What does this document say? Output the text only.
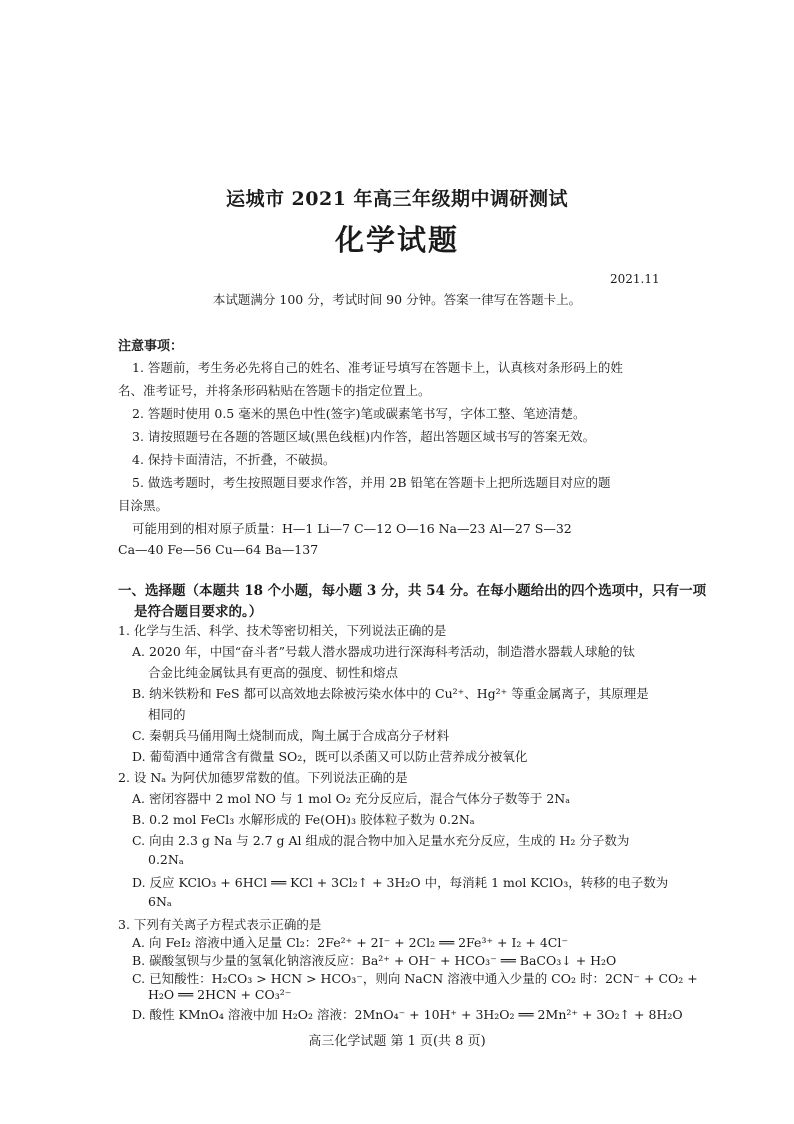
运城市 2021 年高三年级期中调研测试
化学试题
2021.11
本试题满分 100 分，考试时间 90 分钟。答案一律写在答题卡上。
注意事项：
1. 答题前，考生务必先将自己的姓名、准考证号填写在答题卡上，认真核对条形码上的姓
名、准考证号，并将条形码粘贴在答题卡的指定位置上。
2. 答题时使用 0.5 毫米的黑色中性(签字)笔或碳素笔书写，字体工整、笔迹清楚。
3. 请按照题号在各题的答题区域(黑色线框)内作答，超出答题区域书写的答案无效。
4. 保持卡面清洁，不折叠，不破损。
5. 做选考题时，考生按照题目要求作答，并用 2B 铅笔在答题卡上把所选题目对应的题
目涂黑。
可能用到的相对原子质量：H—1 Li—7 C—12 O—16 Na—23 Al—27 S—32
Ca—40 Fe—56 Cu—64 Ba—137
一、选择题（本题共 18 个小题，每小题 3 分，共 54 分。在每小题给出的四个选项中，只有一项
是符合题目要求的。）
1. 化学与生活、科学、技术等密切相关，下列说法正确的是
A. 2020 年，中国“奋斗者”号载人潜水器成功进行深海科考活动，制造潜水器载人球舱的钛
合金比纯金属钛具有更高的强度、韧性和熔点
B. 纳米铁粉和 FeS 都可以高效地去除被污染水体中的 Cu²⁺、Hg²⁺ 等重金属离子，其原理是
相同的
C. 秦朝兵马俑用陶土烧制而成，陶土属于合成高分子材料
D. 葡萄酒中通常含有微量 SO₂，既可以杀菌又可以防止营养成分被氧化
2. 设 Nₐ 为阿伏加德罗常数的值。下列说法正确的是
A. 密闭容器中 2 mol NO 与 1 mol O₂ 充分反应后，混合气体分子数等于 2Nₐ
B. 0.2 mol FeCl₃ 水解形成的 Fe(OH)₃ 胶体粒子数为 0.2Nₐ
C. 向由 2.3 g Na 与 2.7 g Al 组成的混合物中加入足量水充分反应，生成的 H₂ 分子数为
0.2Nₐ
D. 反应 KClO₃ + 6HCl ══ KCl + 3Cl₂↑ + 3H₂O 中，每消耗 1 mol KClO₃，转移的电子数为
6Nₐ
3. 下列有关离子方程式表示正确的是
A. 向 FeI₂ 溶液中通入足量 Cl₂：2Fe²⁺ + 2I⁻ + 2Cl₂ ══ 2Fe³⁺ + I₂ + 4Cl⁻
B. 碳酸氢钡与少量的氢氧化钠溶液反应：Ba²⁺ + OH⁻ + HCO₃⁻ ══ BaCO₃↓ + H₂O
C. 已知酸性：H₂CO₃ > HCN > HCO₃⁻，则向 NaCN 溶液中通入少量的 CO₂ 时：2CN⁻ + CO₂ +
H₂O ══ 2HCN + CO₃²⁻
D. 酸性 KMnO₄ 溶液中加 H₂O₂ 溶液：2MnO₄⁻ + 10H⁺ + 3H₂O₂ ══ 2Mn²⁺ + 3O₂↑ + 8H₂O
高三化学试题 第 1 页(共 8 页)
